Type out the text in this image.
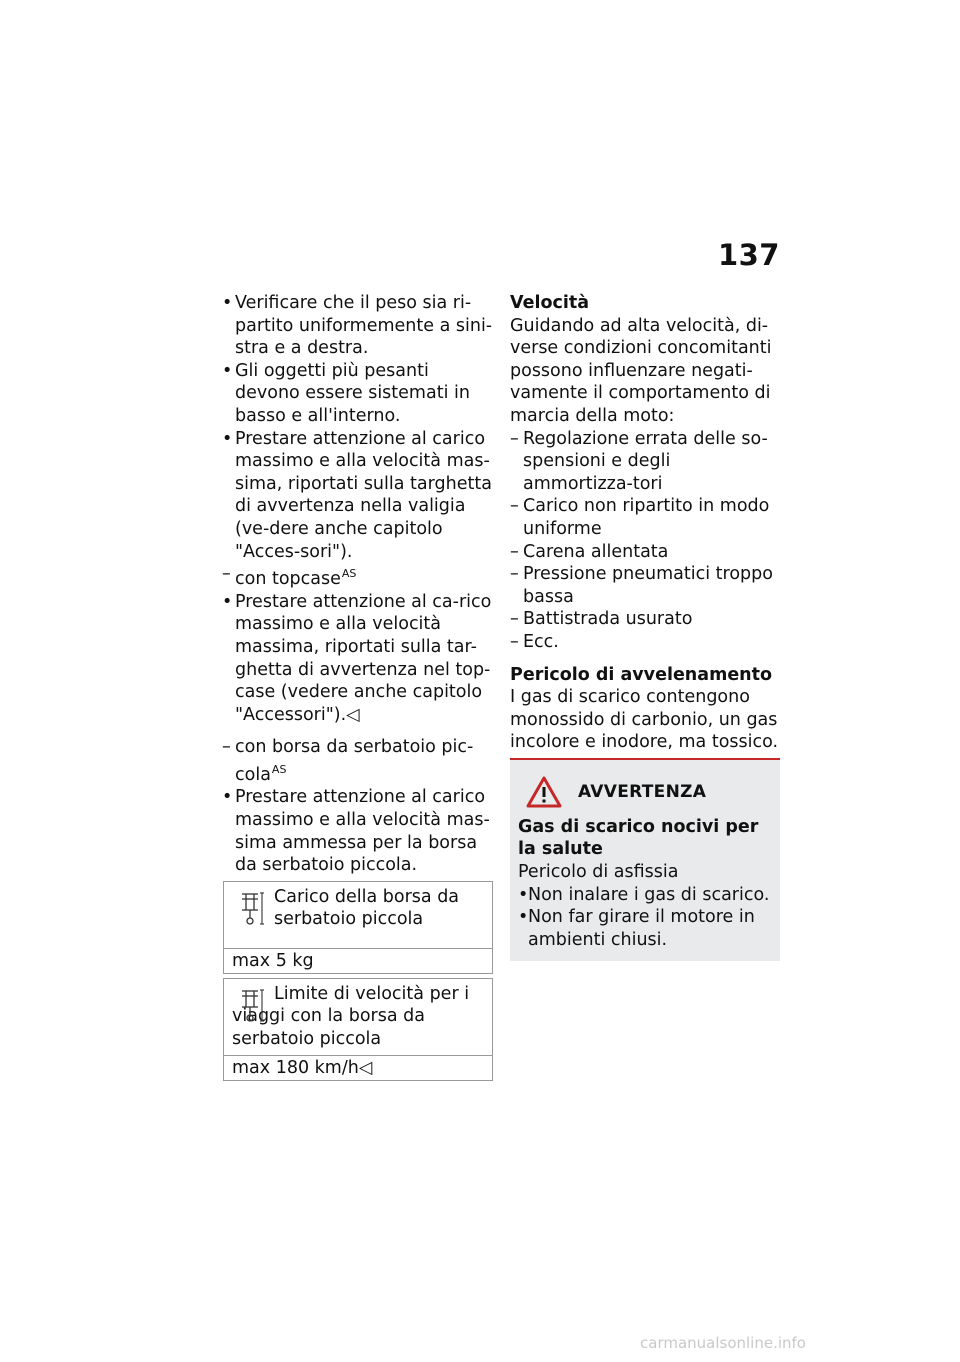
137
• Verificare che il peso sia ri-partito uniformemente a sini-stra e a destra.
• Gli oggetti più pesanti devono essere sistemati in basso e all'interno.
• Prestare attenzione al carico massimo e alla velocità mas-sima, riportati sulla targhetta di avvertenza nella valigia (ve-dere anche capitolo "Acces-sori").
– con topcase$^{AS}$
• Prestare attenzione al ca-rico massimo e alla velocità massima, riportati sulla tar-ghetta di avvertenza nel top-case (vedere anche capitolo "Accessori").◁
– con borsa da serbatoio pic-cola$^{AS}$
• Prestare attenzione al carico massimo e alla velocità mas-sima ammessa per la borsa da serbatoio piccola.
Carico della borsa da serbatoio piccola
max 5 kg
Limite di velocità per i viaggi con la borsa da serbatoio piccola
max 180 km/h◁
Velocità
Guidando ad alta velocità, di-verse condizioni concomitanti possono influenzare negati-vamente il comportamento di marcia della moto:
– Regolazione errata delle so-spensioni e degli ammortizza-tori
– Carico non ripartito in modo uniforme
– Carena allentata
– Pressione pneumatici troppo bassa
– Battistrada usurato
– Ecc.
Pericolo di avvelenamento
I gas di scarico contengono monossido di carbonio, un gas incolore e inodore, ma tossico.
AVVERTENZA
Gas di scarico nocivi per la salute
Pericolo di asfissia
• Non inalare i gas di scarico.
• Non far girare il motore in ambienti chiusi.
carmanualsonline.info
